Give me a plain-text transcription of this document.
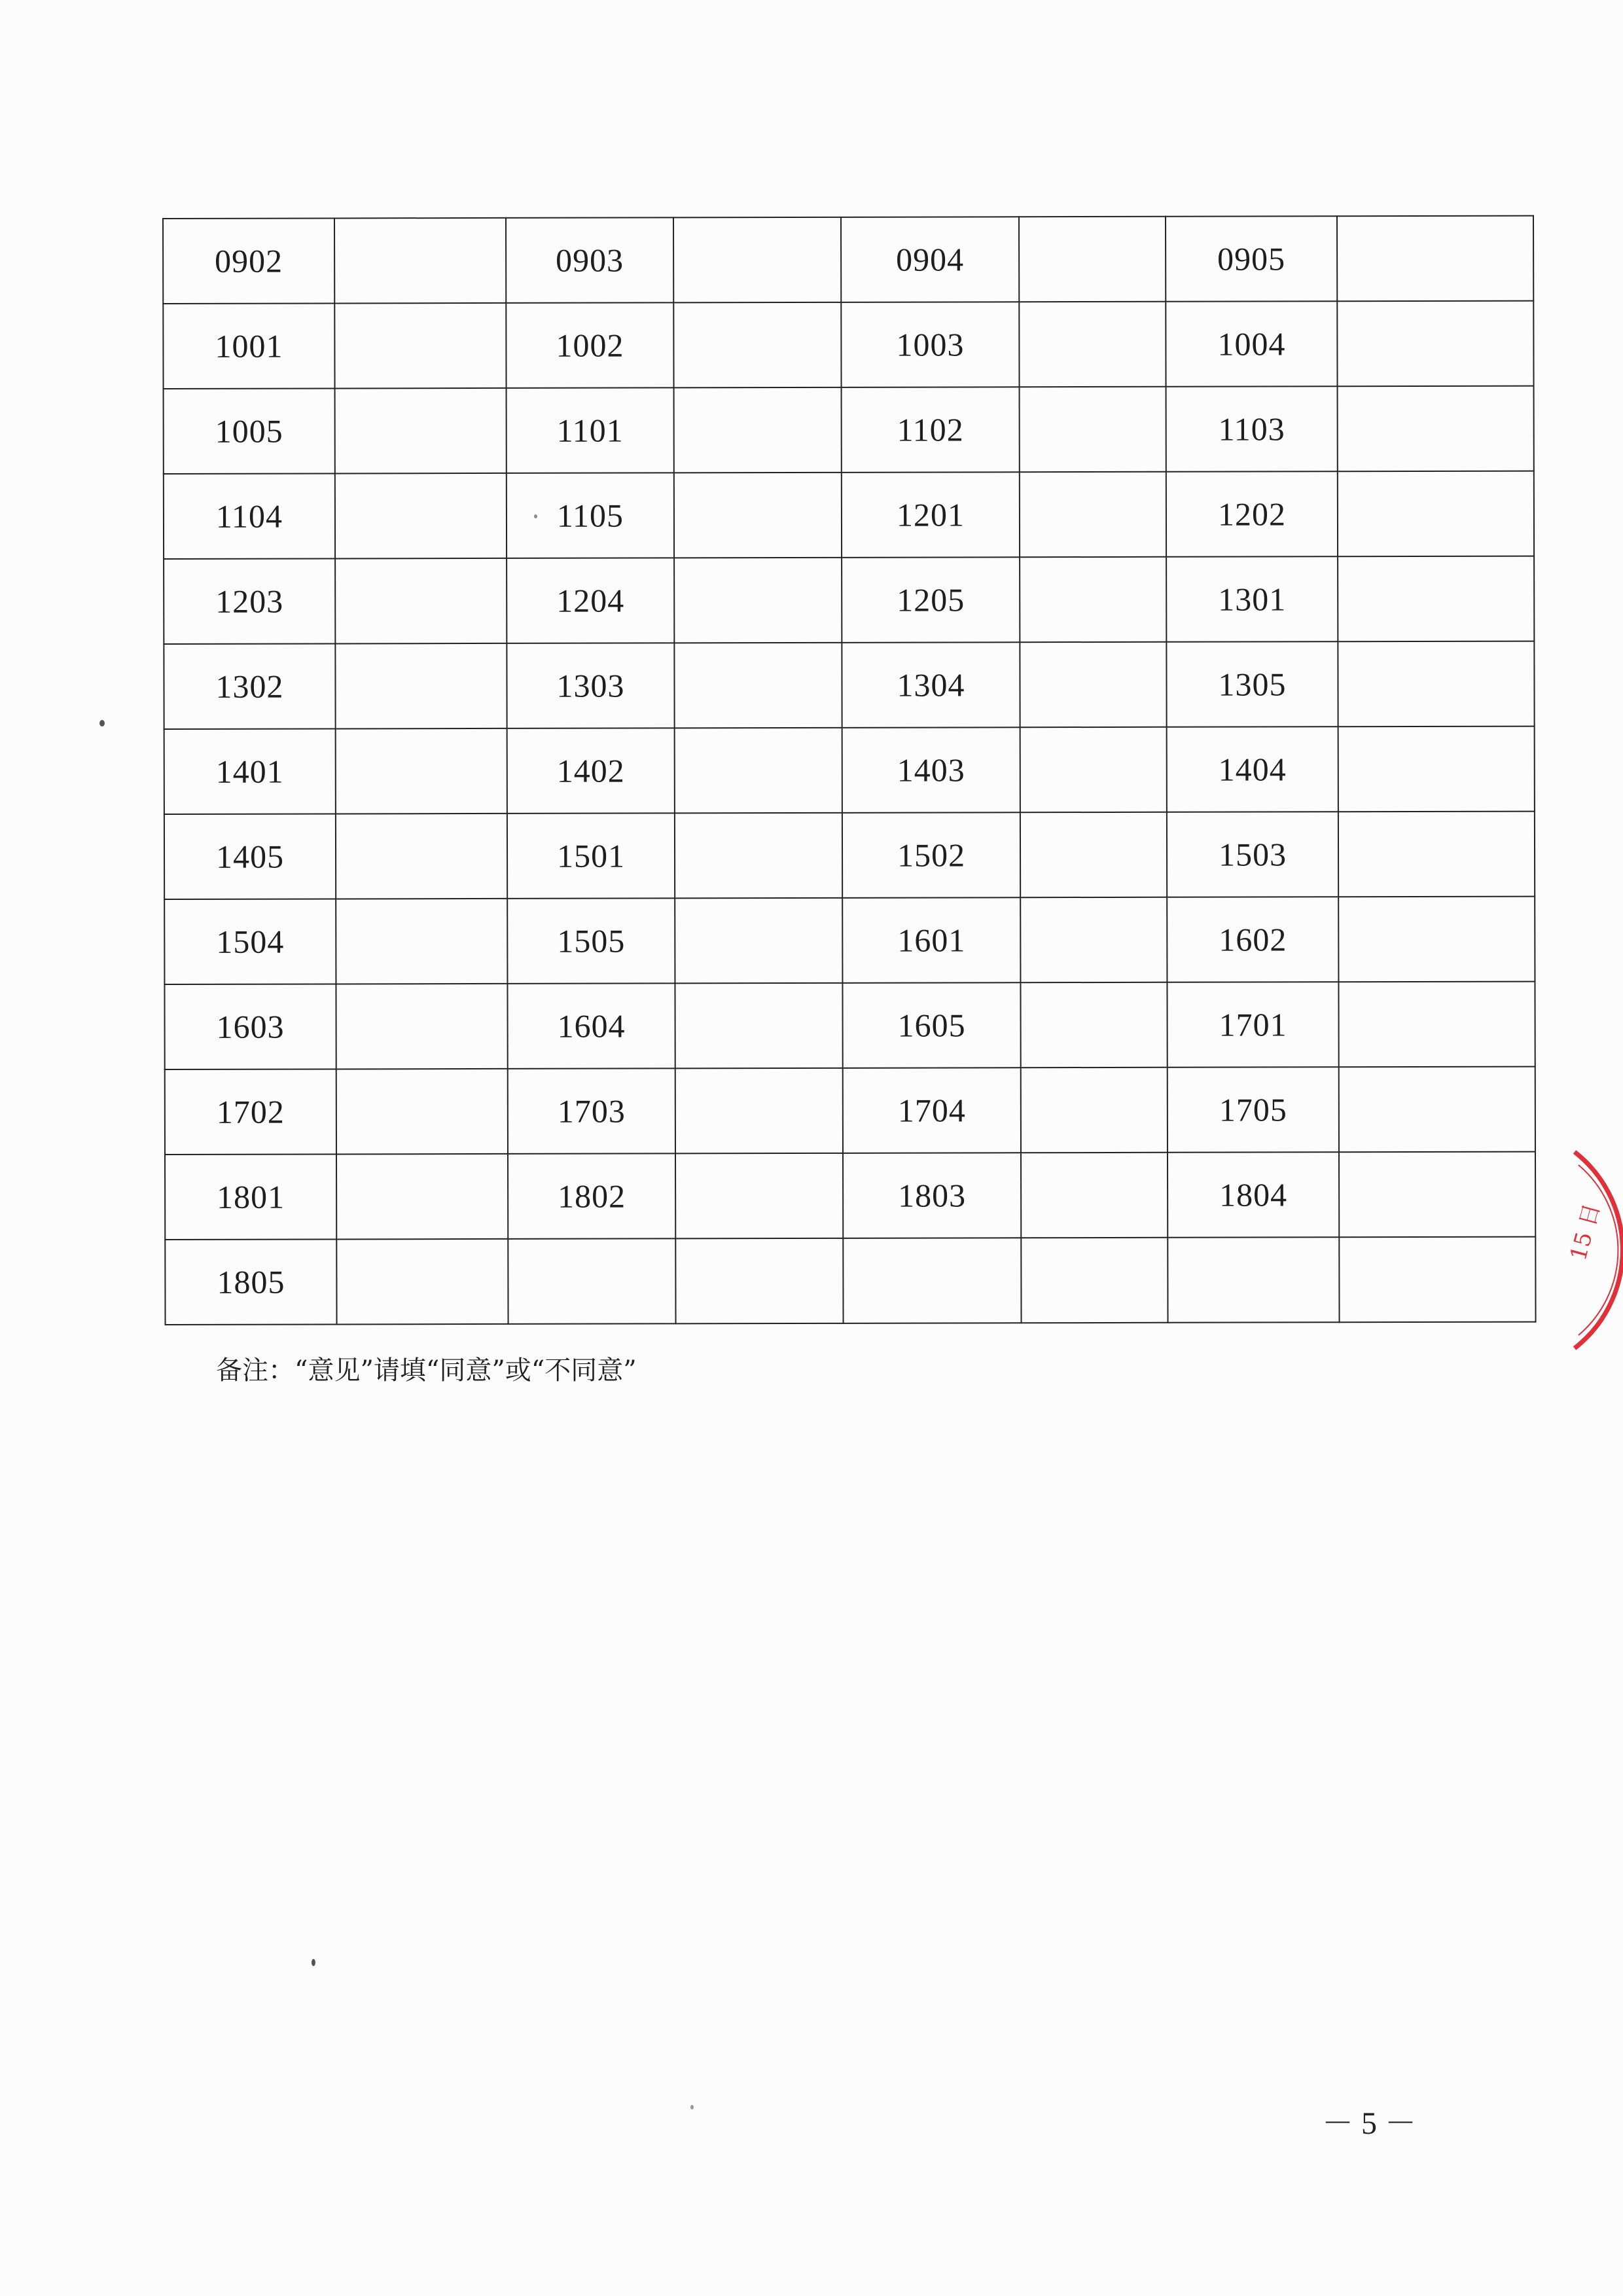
0902		0903		0904		0905	
1001		1002		1003		1004	
1005		1101		1102		1103	
1104		1105		1201		1202	
1203		1204		1205		1301	
1302		1303		1304		1305	
1401		1402		1403		1404	
1405		1501		1502		1503	
1504		1505		1601		1602	
1603		1604		1605		1701	
1702		1703		1704		1705	
1801		1802		1803		1804	
1805							
备注：“意见”请填“同意”或“不同意”
－ 5 －
15 日
